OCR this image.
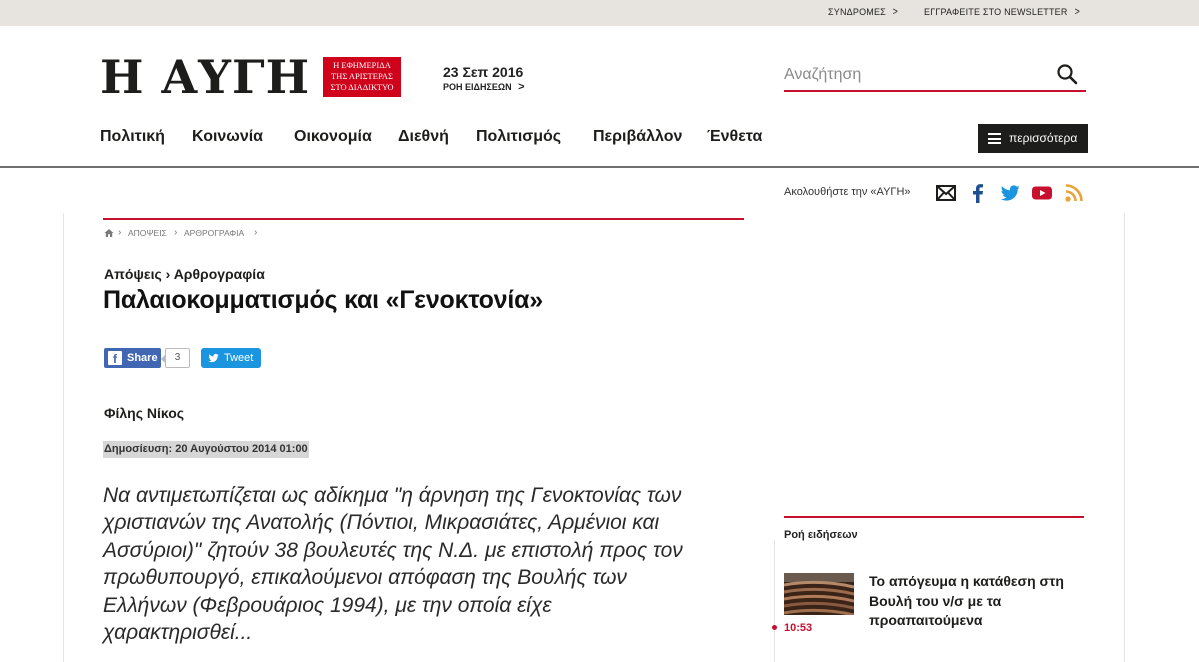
ΣΥΝΔΡΟΜΕΣ >	ΕΓΓΡΑΦΕΙΤΕ ΣΤΟ NEWSLETTER >
Η ΑΥΓΗ	Η ΕΦΗΜΕΡΙΔΑ
ΤΗΣ ΑΡΙΣΤΕΡΑΣ
ΣΤΟ ΔΙΑΔΙΚΤΥΟ
23 Σεπ 2016
ΡΟΗ ΕΙΔΗΣΕΩΝ >
Αναζήτηση
Πολιτική Κοινωνία Οικονομία Διεθνή Πολιτισμός Περιβάλλον Ένθετα	περισσότερα
Ακολουθήστε την «ΑΥΓΗ»
› ΑΠΟΨΕΙΣ › ΑΡΘΡΟΓΡΑΦΙΑ ›
Απόψεις › Αρθρογραφία
Παλαιοκομματισμός και «Γενοκτονία»
f Share	3	Tweet
Φίλης Νίκος
Δημοσίευση: 20 Αυγούστου 2014 01:00
Να αντιμετωπίζεται ως αδίκημα "η άρνηση της Γενοκτονίας των
χριστιανών της Ανατολής (Πόντιοι, Μικρασιάτες, Αρμένιοι και
Ασσύριοι)" ζητούν 38 βουλευτές της Ν.Δ. με επιστολή προς τον
πρωθυπουργό, επικαλούμενοι απόφαση της Βουλής των
Ελλήνων (Φεβρουάριος 1994), με την οποία είχε
χαρακτηρισθεί...
Ροή ειδήσεων
10:53
Το απόγευμα η κατάθεση στη Βουλή του ν/σ με τα προαπαιτούμενα
